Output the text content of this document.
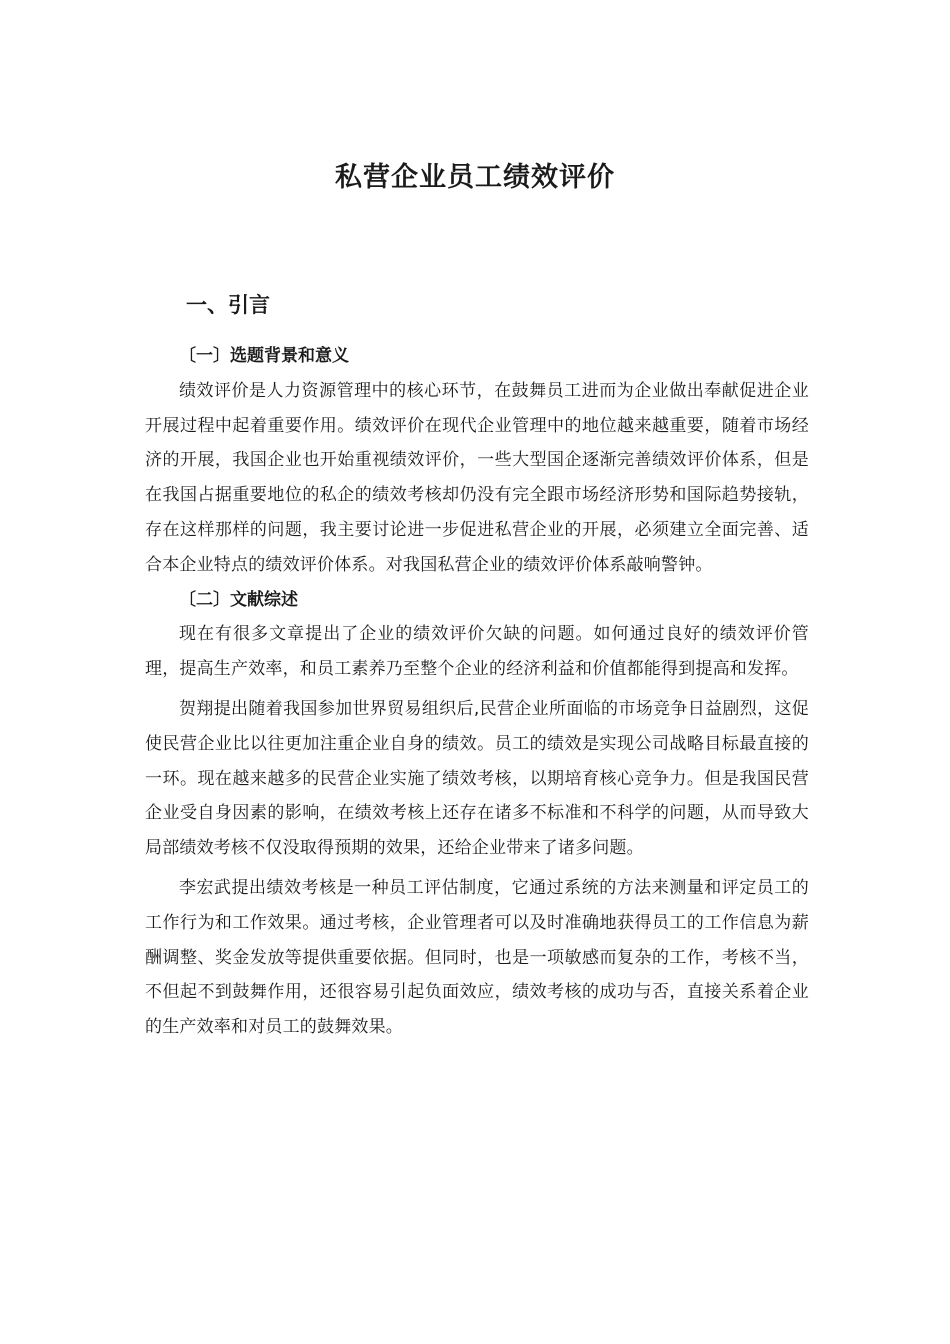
私营企业员工绩效评价
一、引言
〔一〕选题背景和意义

绩效评价是人力资源管理中的核心环节，在鼓舞员工进而为企业做出奉献促进企业开展过程中起着重要作用。绩效评价在现代企业管理中的地位越来越重要，随着市场经济的开展，我国企业也开始重视绩效评价，一些大型国企逐渐完善绩效评价体系，但是在我国占据重要地位的私企的绩效考核却仍没有完全跟市场经济形势和国际趋势接轨，存在这样那样的问题，我主要讨论进一步促进私营企业的开展，必须建立全面完善、适合本企业特点的绩效评价体系。对我国私营企业的绩效评价体系敲响警钟。

〔二〕文献综述

现在有很多文章提出了企业的绩效评价欠缺的问题。如何通过良好的绩效评价管理，提高生产效率，和员工素养乃至整个企业的经济利益和价值都能得到提高和发挥。

贺翔提出随着我国参加世界贸易组织后,民营企业所面临的市场竞争日益剧烈，这促使民营企业比以往更加注重企业自身的绩效。员工的绩效是实现公司战略目标最直接的一环。现在越来越多的民营企业实施了绩效考核，以期培育核心竞争力。但是我国民营企业受自身因素的影响，在绩效考核上还存在诸多不标准和不科学的问题，从而导致大局部绩效考核不仅没取得预期的效果，还给企业带来了诸多问题。

李宏武提出绩效考核是一种员工评估制度，它通过系统的方法来测量和评定员工的工作行为和工作效果。通过考核，企业管理者可以及时准确地获得员工的工作信息为薪酬调整、奖金发放等提供重要依据。但同时，也是一项敏感而复杂的工作，考核不当，不但起不到鼓舞作用，还很容易引起负面效应，绩效考核的成功与否，直接关系着企业的生产效率和对员工的鼓舞效果。
